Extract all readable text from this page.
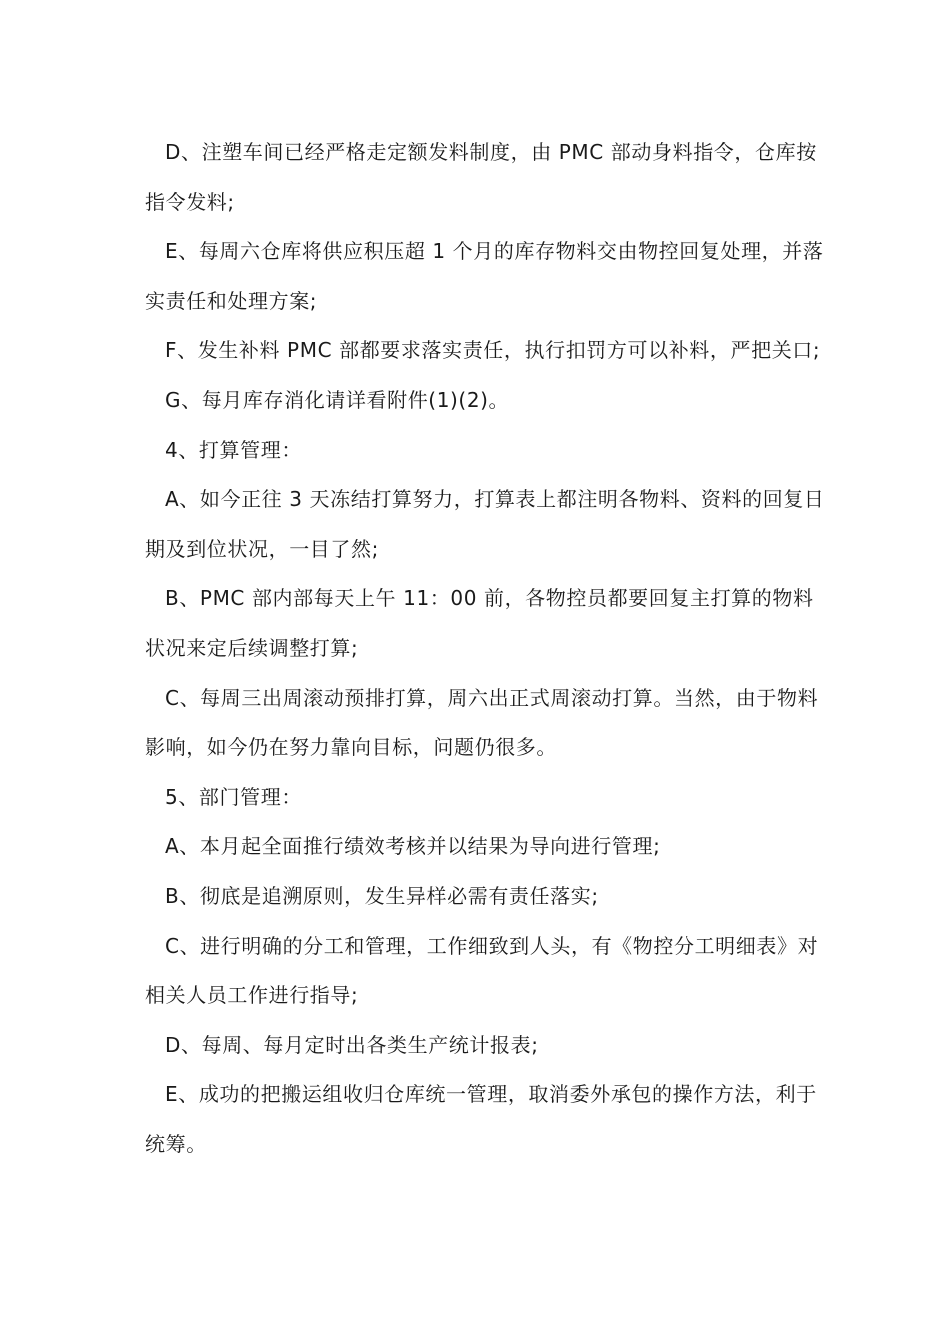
D、注塑车间已经严格走定额发料制度，由 PMC 部动身料指令，仓库按指令发料;

E、每周六仓库将供应积压超 1 个月的库存物料交由物控回复处理，并落实责任和处理方案;

F、发生补料 PMC 部都要求落实责任，执行扣罚方可以补料，严把关口;

G、每月库存消化请详看附件(1)(2)。

4、打算管理：

A、如今正往 3 天冻结打算努力，打算表上都注明各物料、资料的回复日期及到位状况，一目了然;

B、PMC 部内部每天上午 11：00 前，各物控员都要回复主打算的物料状况来定后续调整打算;

C、每周三出周滚动预排打算，周六出正式周滚动打算。当然，由于物料影响，如今仍在努力靠向目标，问题仍很多。

5、部门管理：

A、本月起全面推行绩效考核并以结果为导向进行管理;

B、彻底是追溯原则，发生异样必需有责任落实;

C、进行明确的分工和管理，工作细致到人头，有《物控分工明细表》对相关人员工作进行指导;

D、每周、每月定时出各类生产统计报表;

E、成功的把搬运组收归仓库统一管理，取消委外承包的操作方法，利于统筹。
